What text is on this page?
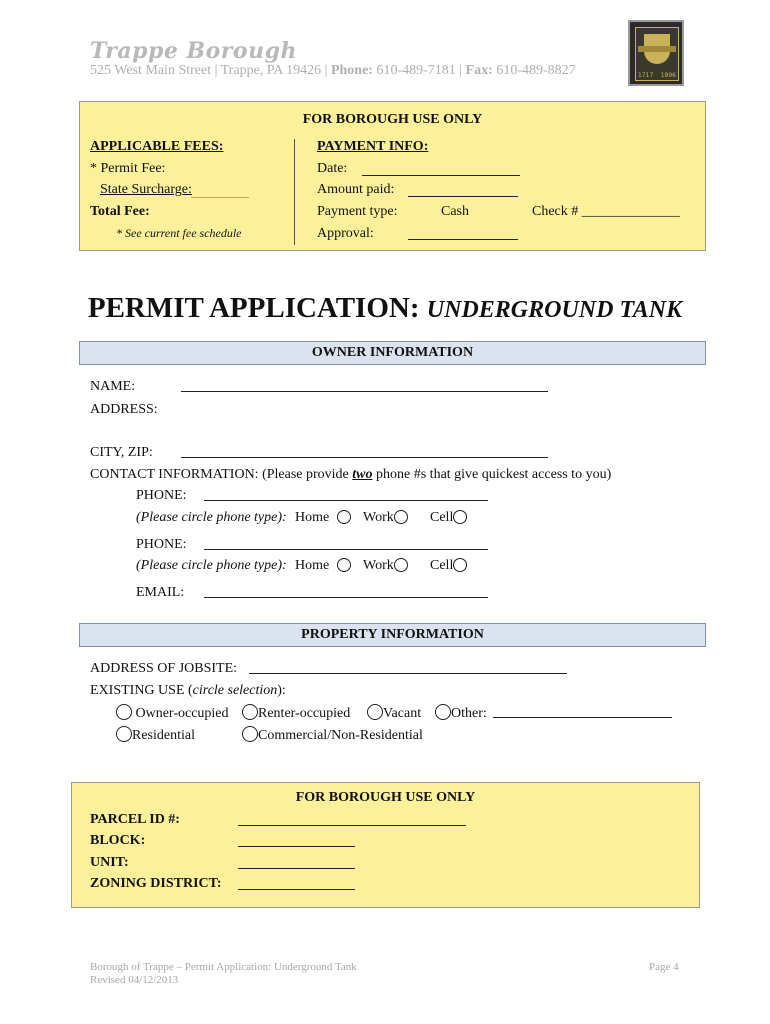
Trappe Borough
525 West Main Street | Trappe, PA 19426 | Phone: 610-489-7181 | Fax: 610-489-8827	1717 1896
FOR BOROUGH USE ONLY
APPLICABLE FEES:
* Permit Fee:
State Surcharge:
Total Fee:
* See current fee schedule
PAYMENT INFO:
Date:
Amount paid:
Payment type:	Cash	Check # ______________
Approval:
PERMIT APPLICATION: UNDERGROUND TANK
OWNER INFORMATION
NAME:
ADDRESS:
CITY, ZIP:
CONTACT INFORMATION: (Please provide two phone #s that give quickest access to you)
PHONE:
(Please circle phone type): Home	Work	Cell
PHONE:
(Please circle phone type): Home	Work	Cell
EMAIL:
PROPERTY INFORMATION
ADDRESS OF JOBSITE:
EXISTING USE (circle selection):
Owner-occupied	Renter-occupied	Vacant	Other:
Residential	Commercial/Non-Residential
FOR BOROUGH USE ONLY
PARCEL ID #:
BLOCK:
UNIT:
ZONING DISTRICT:
Borough of Trappe – Permit Application: Underground Tank
Revised 04/12/2013
Page 4
